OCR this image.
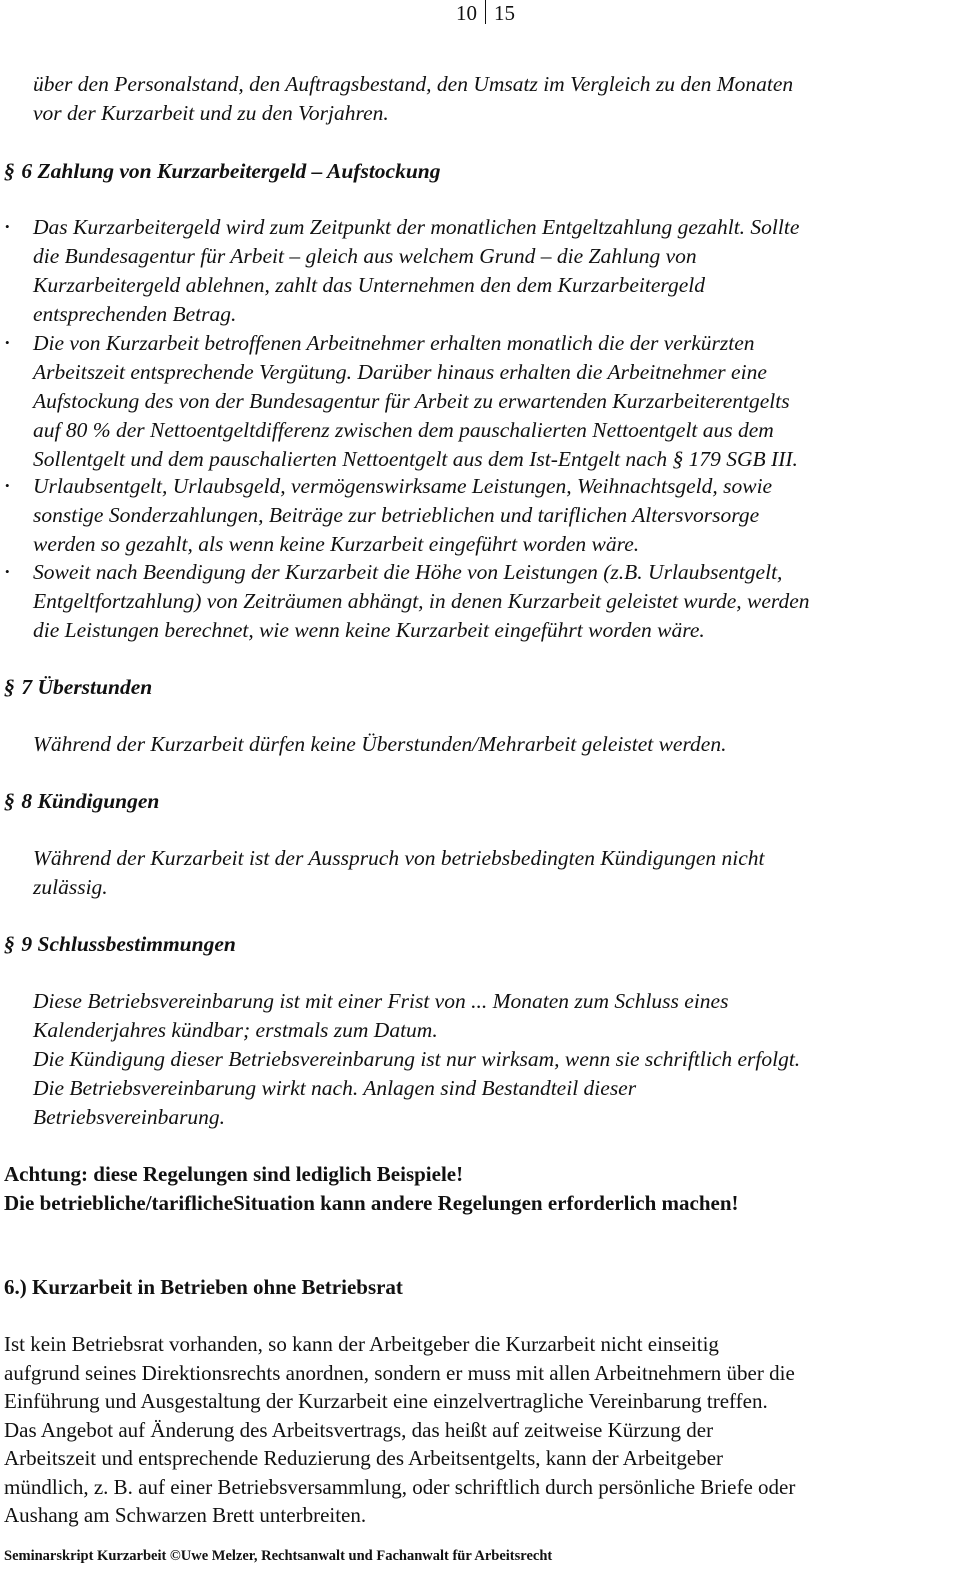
10 15
über den Personalstand, den Auftragsbestand, den Umsatz im Vergleich zu den Monaten
vor der Kurzarbeit und zu den Vorjahren.
§ 6 Zahlung von Kurzarbeitergeld – Aufstockung
• Das Kurzarbeitergeld wird zum Zeitpunkt der monatlichen Entgeltzahlung gezahlt. Sollte
die Bundesagentur für Arbeit – gleich aus welchem Grund – die Zahlung von
Kurzarbeitergeld ablehnen, zahlt das Unternehmen den dem Kurzarbeitergeld
entsprechenden Betrag.
• Die von Kurzarbeit betroffenen Arbeitnehmer erhalten monatlich die der verkürzten
Arbeitszeit entsprechende Vergütung. Darüber hinaus erhalten die Arbeitnehmer eine
Aufstockung des von der Bundesagentur für Arbeit zu erwartenden Kurzarbeiterentgelts
auf 80 % der Nettoentgeltdifferenz zwischen dem pauschalierten Nettoentgelt aus dem
Sollentgelt und dem pauschalierten Nettoentgelt aus dem Ist-Entgelt nach § 179 SGB III.
• Urlaubsentgelt, Urlaubsgeld, vermögenswirksame Leistungen, Weihnachtsgeld, sowie
sonstige Sonderzahlungen, Beiträge zur betrieblichen und tariflichen Altersvorsorge
werden so gezahlt, als wenn keine Kurzarbeit eingeführt worden wäre.
• Soweit nach Beendigung der Kurzarbeit die Höhe von Leistungen (z.B. Urlaubsentgelt,
Entgeltfortzahlung) von Zeiträumen abhängt, in denen Kurzarbeit geleistet wurde, werden
die Leistungen berechnet, wie wenn keine Kurzarbeit eingeführt worden wäre.
§ 7 Überstunden
Während der Kurzarbeit dürfen keine Überstunden/Mehrarbeit geleistet werden.
§ 8 Kündigungen
Während der Kurzarbeit ist der Ausspruch von betriebsbedingten Kündigungen nicht
zulässig.
§ 9 Schlussbestimmungen
Diese Betriebsvereinbarung ist mit einer Frist von ... Monaten zum Schluss eines
Kalenderjahres kündbar; erstmals zum Datum.
Die Kündigung dieser Betriebsvereinbarung ist nur wirksam, wenn sie schriftlich erfolgt.
Die Betriebsvereinbarung wirkt nach. Anlagen sind Bestandteil dieser
Betriebsvereinbarung.
Achtung: diese Regelungen sind lediglich Beispiele!
Die betriebliche/tariflicheSituation kann andere Regelungen erforderlich machen!
6.) Kurzarbeit in Betrieben ohne Betriebsrat
Ist kein Betriebsrat vorhanden, so kann der Arbeitgeber die Kurzarbeit nicht einseitig
aufgrund seines Direktionsrechts anordnen, sondern er muss mit allen Arbeitnehmern über die
Einführung und Ausgestaltung der Kurzarbeit eine einzelvertragliche Vereinbarung treffen.
Das Angebot auf Änderung des Arbeitsvertrags, das heißt auf zeitweise Kürzung der
Arbeitszeit und entsprechende Reduzierung des Arbeitsentgelts, kann der Arbeitgeber
mündlich, z. B. auf einer Betriebsversammlung, oder schriftlich durch persönliche Briefe oder
Aushang am Schwarzen Brett unterbreiten.
Seminarskript Kurzarbeit ©Uwe Melzer, Rechtsanwalt und Fachanwalt für Arbeitsrecht
